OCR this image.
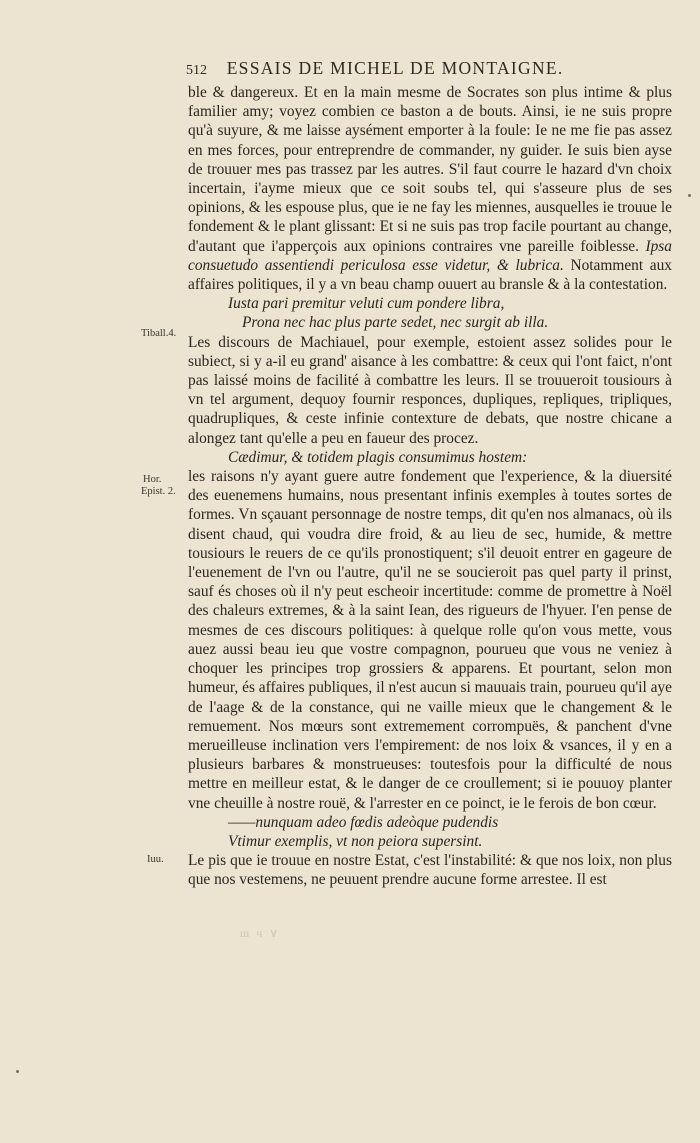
512 ESSAIS DE MICHEL DE MONTAIGNE.
Tiball.4.
Hor.
Epist. 2.
Iuu.

ble & dangereux. Et en la main mesme de Socrates son plus intime & plus familier amy; voyez combien ce baston a de bouts. Ainsi, ie ne suis propre qu'à suyure, & me laisse aysément emporter à la foule: Ie ne me fie pas assez en mes forces, pour entreprendre de commander, ny guider. Ie suis bien ayse de trouuer mes pas trassez par les autres. S'il faut courre le hazard d'vn choix incertain, i'ayme mieux que ce soit soubs tel, qui s'asseure plus de ses opinions, & les espouse plus, que ie ne fay les miennes, ausquelles ie trouue le fondement & le plant glissant: Et si ne suis pas trop facile pourtant au change, d'autant que i'apperçois aux opinions contraires vne pareille foiblesse. Ipsa consuetudo assentiendi periculosa esse videtur, & lubrica. Notamment aux affaires politiques, il y a vn beau champ ouuert au bransle & à la contestation.

Iusta pari premitur veluti cum pondere libra,

Prona nec hac plus parte sedet, nec surgit ab illa.

Les discours de Machiauel, pour exemple, estoient assez solides pour le subiect, si y a-il eu grand' aisance à les combattre: & ceux qui l'ont faict, n'ont pas laissé moins de facilité à combattre les leurs. Il se trouueroit tousiours à vn tel argument, dequoy fournir responces, dupliques, repliques, tripliques, quadrupliques, & ceste infinie contexture de debats, que nostre chicane a alongez tant qu'elle a peu en faueur des procez.

Cædimur, & totidem plagis consumimus hostem:

les raisons n'y ayant guere autre fondement que l'experience, & la diuersité des euenemens humains, nous presentant infinis exemples à toutes sortes de formes. Vn sçauant personnage de nostre temps, dit qu'en nos almanacs, où ils disent chaud, qui voudra dire froid, & au lieu de sec, humide, & mettre tousiours le reuers de ce qu'ils pronostiquent; s'il deuoit entrer en gageure de l'euenement de l'vn ou l'autre, qu'il ne se soucieroit pas quel party il prinst, sauf és choses où il n'y peut escheoir incertitude: comme de promettre à Noël des chaleurs extremes, & à la saint Iean, des rigueurs de l'hyuer. I'en pense de mesmes de ces discours politiques: à quelque rolle qu'on vous mette, vous auez aussi beau ieu que vostre compagnon, pourueu que vous ne veniez à choquer les principes trop grossiers & apparens. Et pourtant, selon mon humeur, és affaires publiques, il n'est aucun si mauuais train, pourueu qu'il aye de l'aage & de la constance, qui ne vaille mieux que le changement & le remuement. Nos mœurs sont extremement corrompuës, & panchent d'vne merueilleuse inclination vers l'empirement: de nos loix & vsances, il y en a plusieurs barbares & monstrueuses: toutesfois pour la difficulté de nous mettre en meilleur estat, & le danger de ce croullement; si ie pouuoy planter vne cheuille à nostre rouë, & l'arrester en ce poinct, ie le ferois de bon cœur.

——nunquam adeo fœdis adeòque pudendis

Vtimur exemplis, vt non peiora supersint.

Le pis que ie trouue en nostre Estat, c'est l'instabilité: & que nos loix, non plus que nos vestemens, ne peuuent prendre aucune forme arrestee. Il est

ш ч ∨
